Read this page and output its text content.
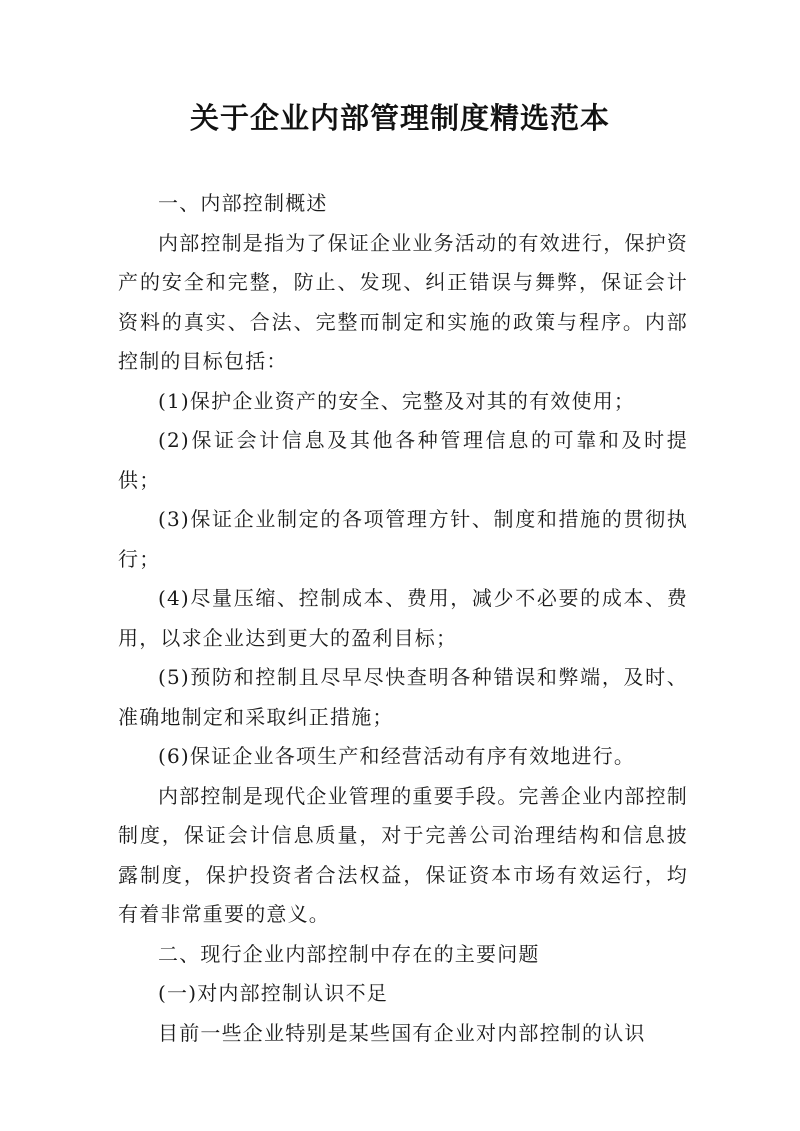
关于企业内部管理制度精选范本

一、内部控制概述

内部控制是指为了保证企业业务活动的有效进行，保护资产的安全和完整，防止、发现、纠正错误与舞弊，保证会计资料的真实、合法、完整而制定和实施的政策与程序。内部控制的目标包括：

(1)保护企业资产的安全、完整及对其的有效使用；

(2)保证会计信息及其他各种管理信息的可靠和及时提供；

(3)保证企业制定的各项管理方针、制度和措施的贯彻执行；

(4)尽量压缩、控制成本、费用，减少不必要的成本、费用，以求企业达到更大的盈利目标；

(5)预防和控制且尽早尽快查明各种错误和弊端，及时、准确地制定和采取纠正措施；

(6)保证企业各项生产和经营活动有序有效地进行。

内部控制是现代企业管理的重要手段。完善企业内部控制制度，保证会计信息质量，对于完善公司治理结构和信息披露制度，保护投资者合法权益，保证资本市场有效运行，均有着非常重要的意义。

二、现行企业内部控制中存在的主要问题

(一)对内部控制认识不足

目前一些企业特别是某些国有企业对内部控制的认识
